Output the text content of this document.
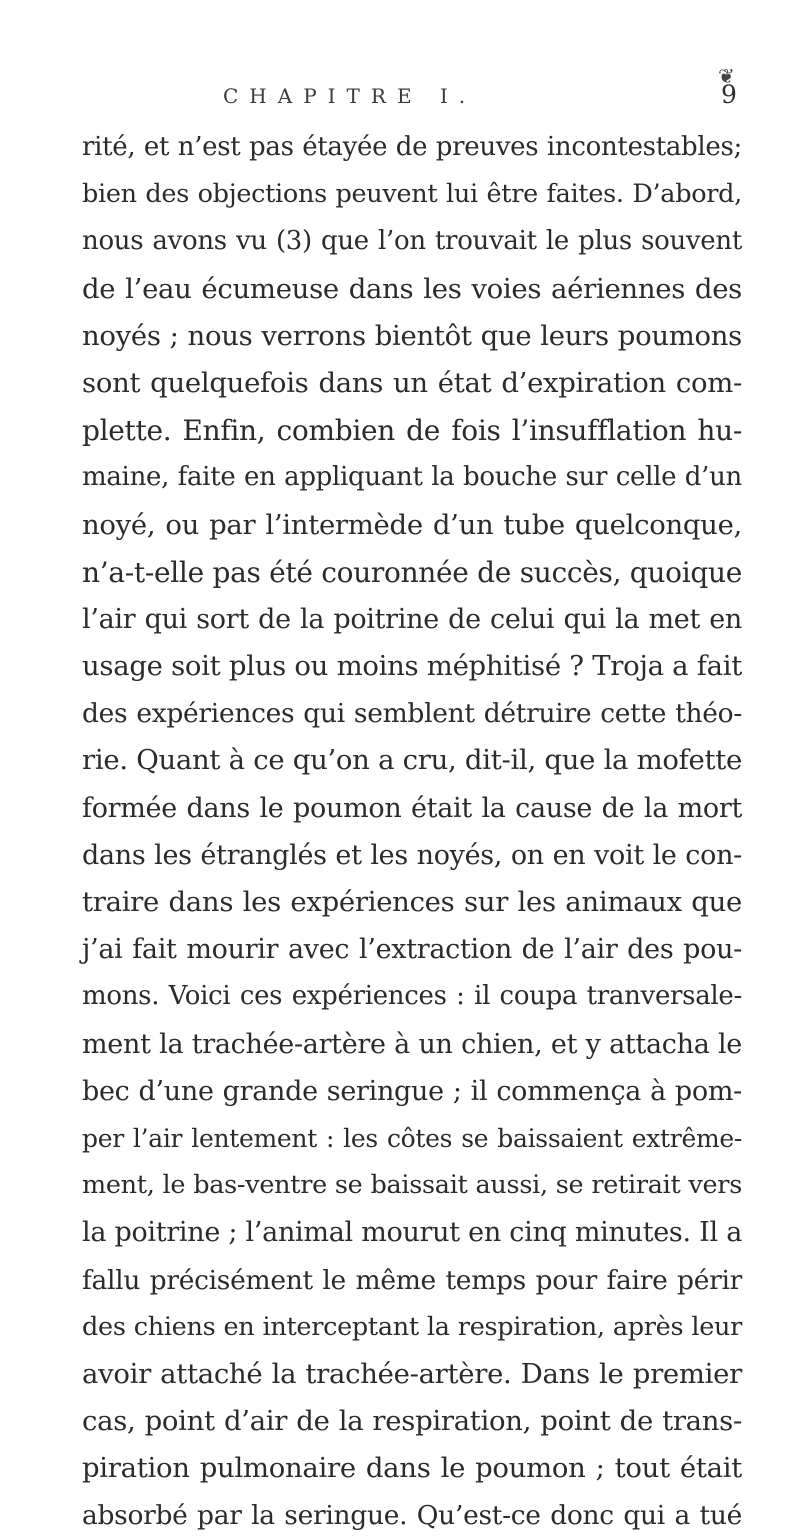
❦
CHAPITRE I.	9
rité, et n’est pas étayée de preuves incontestables;
bien des objections peuvent lui être faites. D’abord,
nous avons vu (3) que l’on trouvait le plus souvent
de l’eau écumeuse dans les voies aériennes des
noyés ; nous verrons bientôt que leurs poumons
sont quelquefois dans un état d’expiration com-
plette. Enfin, combien de fois l’insufflation hu-
maine, faite en appliquant la bouche sur celle d’un
noyé, ou par l’intermède d’un tube quelconque,
n’a-t-elle pas été couronnée de succès, quoique
l’air qui sort de la poitrine de celui qui la met en
usage soit plus ou moins méphitisé ? Troja a fait
des expériences qui semblent détruire cette théo-
rie. Quant à ce qu’on a cru, dit-il, que la mofette
formée dans le poumon était la cause de la mort
dans les étranglés et les noyés, on en voit le con-
traire dans les expériences sur les animaux que
j’ai fait mourir avec l’extraction de l’air des pou-
mons. Voici ces expériences : il coupa tranversale-
ment la trachée-artère à un chien, et y attacha le
bec d’une grande seringue ; il commença à pom-
per l’air lentement : les côtes se baissaient extrême-
ment, le bas-ventre se baissait aussi, se retirait vers
la poitrine ; l’animal mourut en cinq minutes. Il a
fallu précisément le même temps pour faire périr
des chiens en interceptant la respiration, après leur
avoir attaché la trachée-artère. Dans le premier
cas, point d’air de la respiration, point de trans-
piration pulmonaire dans le poumon ; tout était
absorbé par la seringue. Qu’est-ce donc qui a tué
